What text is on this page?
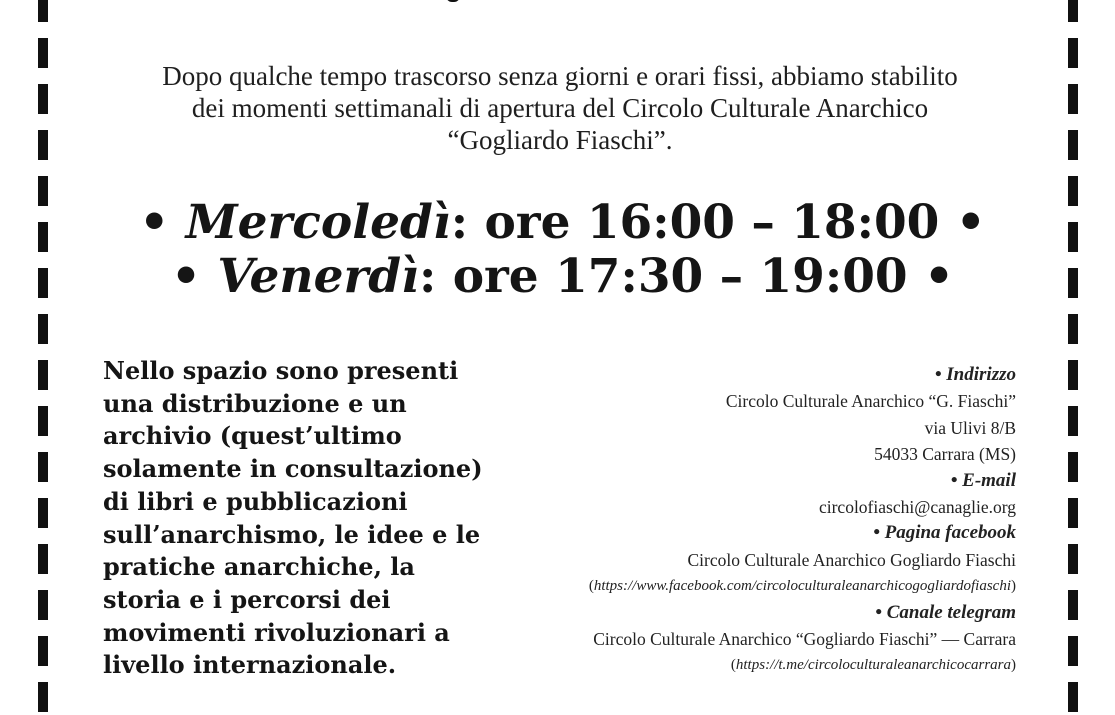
Dopo qualche tempo trascorso senza giorni e orari fissi, abbiamo stabilito
dei momenti settimanali di apertura del Circolo Culturale Anarchico
“Gogliardo Fiaschi”.
• Mercoledì: ore 16:00 – 18:00 •
• Venerdì: ore 17:30 – 19:00 •
Nello spazio sono presenti
una distribuzione e un
archivio (quest’ultimo
solamente in consultazione)
di libri e pubblicazioni
sull’anarchismo, le idee e le
pratiche anarchiche, la
storia e i percorsi dei
movimenti rivoluzionari a
livello internazionale.
• Indirizzo
Circolo Culturale Anarchico “G. Fiaschi”
via Ulivi 8/B
54033 Carrara (MS)
• E-mail
circolofiaschi@canaglie.org
• Pagina facebook
Circolo Culturale Anarchico Gogliardo Fiaschi
(https://www.facebook.com/circoloculturaleanarchicogogliardofiaschi)
• Canale telegram
Circolo Culturale Anarchico “Gogliardo Fiaschi” — Carrara
(https://t.me/circoloculturaleanarchicocarrara)
